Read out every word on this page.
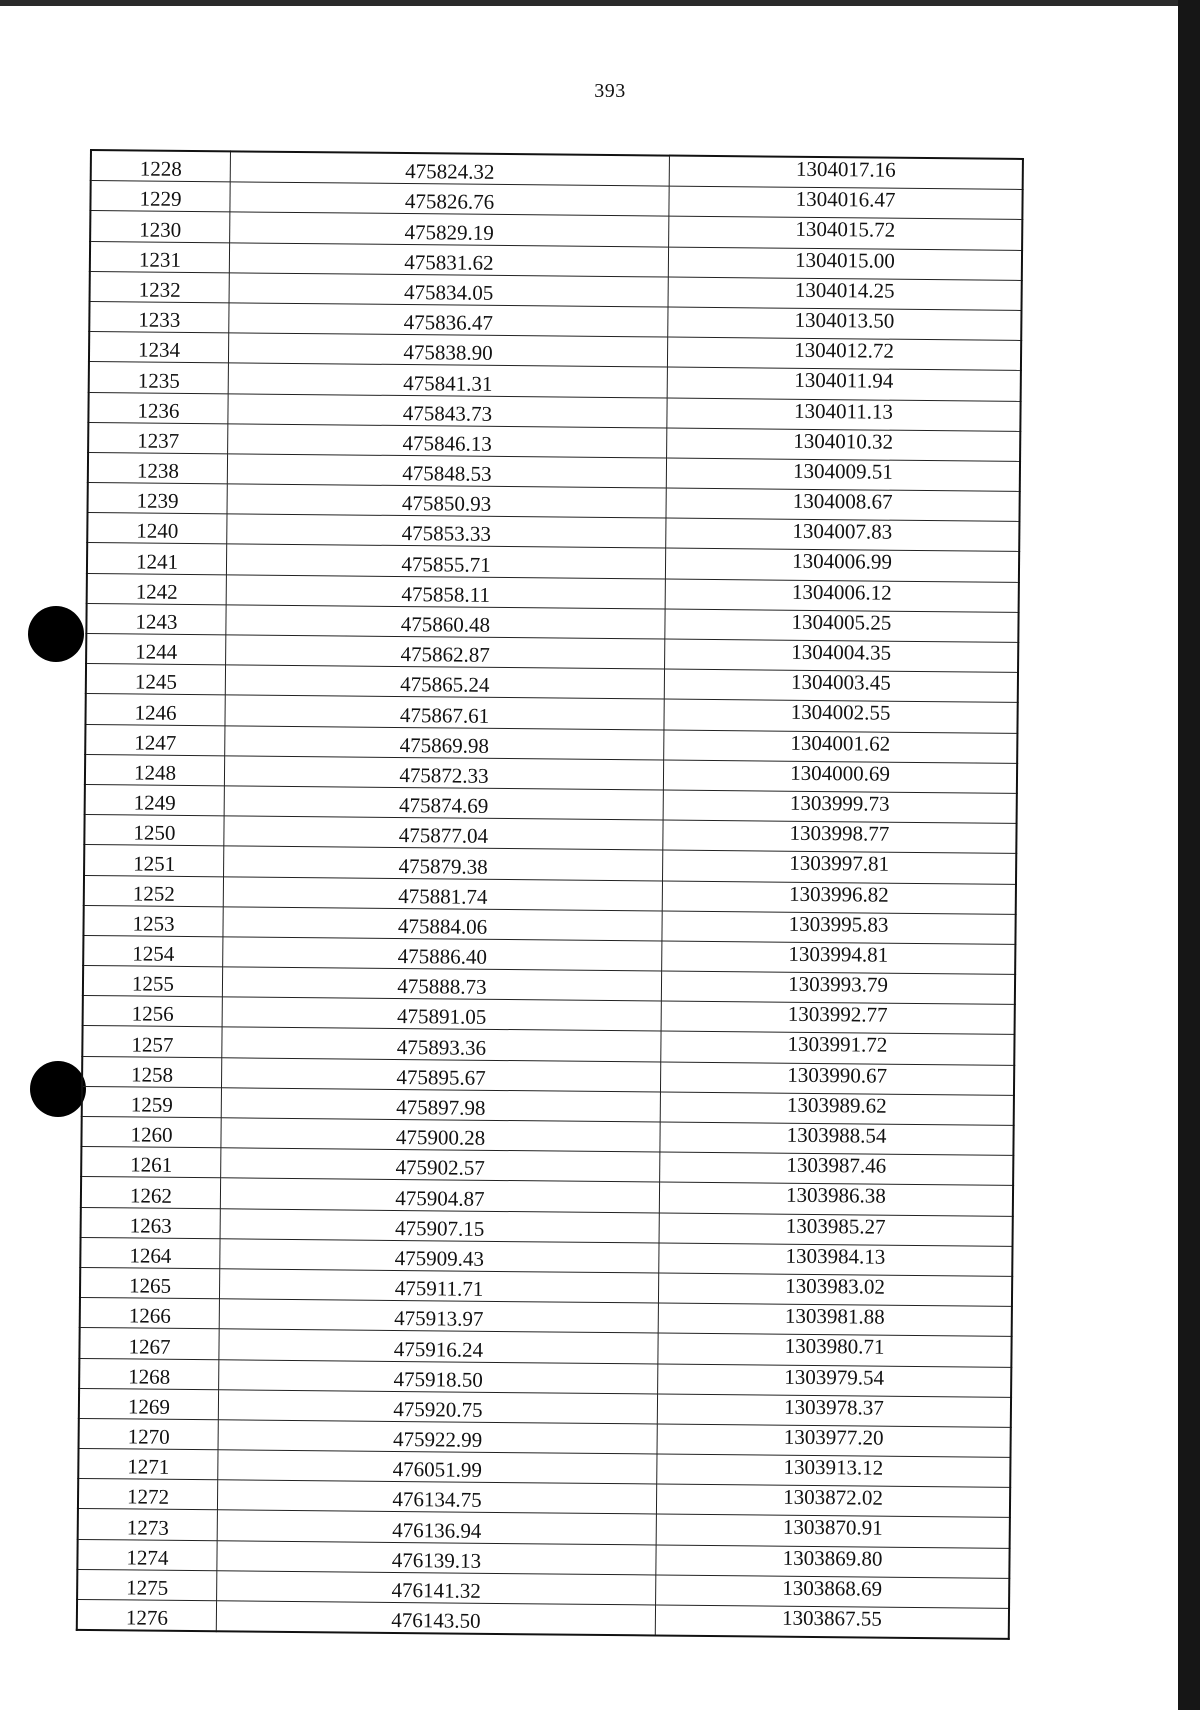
393
1228	475824.32	1304017.16
1229	475826.76	1304016.47
1230	475829.19	1304015.72
1231	475831.62	1304015.00
1232	475834.05	1304014.25
1233	475836.47	1304013.50
1234	475838.90	1304012.72
1235	475841.31	1304011.94
1236	475843.73	1304011.13
1237	475846.13	1304010.32
1238	475848.53	1304009.51
1239	475850.93	1304008.67
1240	475853.33	1304007.83
1241	475855.71	1304006.99
1242	475858.11	1304006.12
1243	475860.48	1304005.25
1244	475862.87	1304004.35
1245	475865.24	1304003.45
1246	475867.61	1304002.55
1247	475869.98	1304001.62
1248	475872.33	1304000.69
1249	475874.69	1303999.73
1250	475877.04	1303998.77
1251	475879.38	1303997.81
1252	475881.74	1303996.82
1253	475884.06	1303995.83
1254	475886.40	1303994.81
1255	475888.73	1303993.79
1256	475891.05	1303992.77
1257	475893.36	1303991.72
1258	475895.67	1303990.67
1259	475897.98	1303989.62
1260	475900.28	1303988.54
1261	475902.57	1303987.46
1262	475904.87	1303986.38
1263	475907.15	1303985.27
1264	475909.43	1303984.13
1265	475911.71	1303983.02
1266	475913.97	1303981.88
1267	475916.24	1303980.71
1268	475918.50	1303979.54
1269	475920.75	1303978.37
1270	475922.99	1303977.20
1271	476051.99	1303913.12
1272	476134.75	1303872.02
1273	476136.94	1303870.91
1274	476139.13	1303869.80
1275	476141.32	1303868.69
1276	476143.50	1303867.55
